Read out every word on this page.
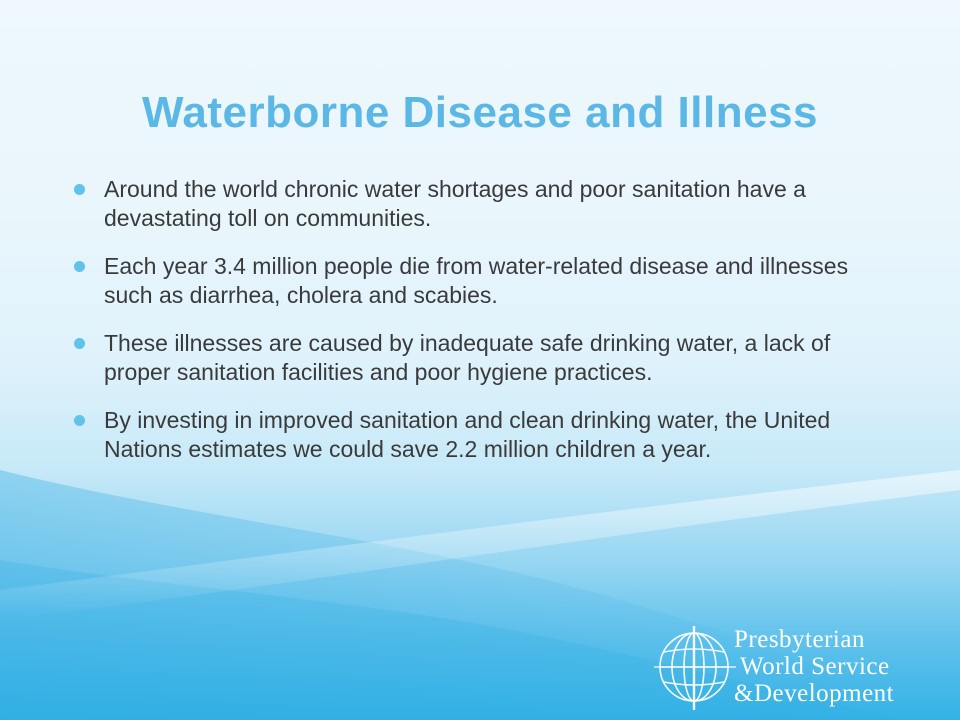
Waterborne Disease and Illness
Around the world chronic water shortages and poor sanitation have a devastating toll on communities.
Each year 3.4 million people die from water-related disease and illnesses such as diarrhea, cholera and scabies.
These illnesses are caused by inadequate safe drinking water, a lack of proper sanitation facilities and poor hygiene practices.
By investing in improved sanitation and clean drinking water, the United Nations estimates we could save 2.2 million children a year.
Presbyterian
World Service
&Development
